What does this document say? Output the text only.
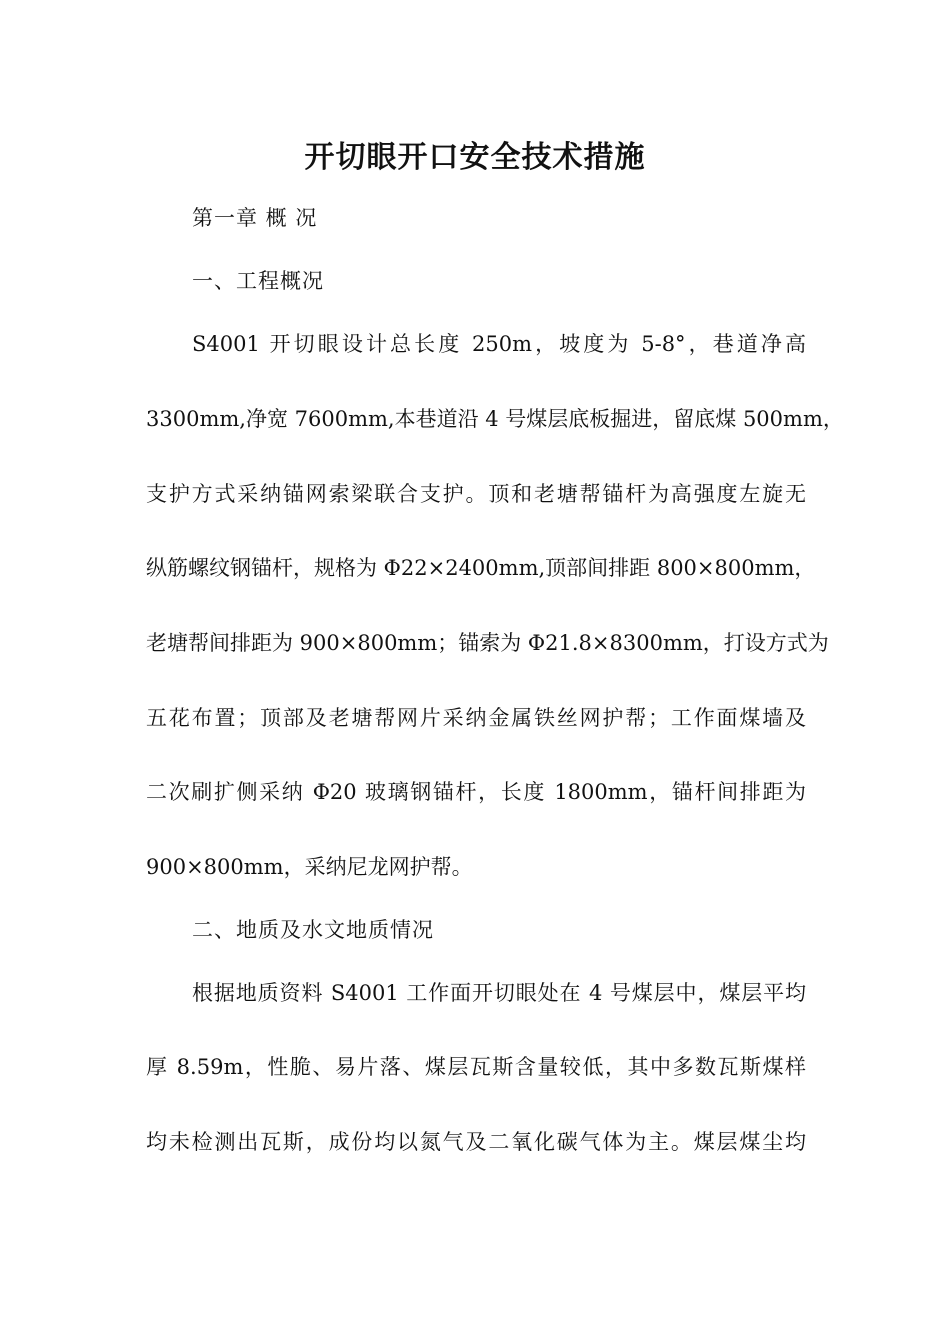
开切眼开口安全技术措施
第一章 概 况
一、工程概况
S4001 开切眼设计总长度 250m，坡度为 5-8°，巷道净高
3300mm,净宽 7600mm,本巷道沿 4 号煤层底板掘进，留底煤 500mm，
支护方式采纳锚网索梁联合支护。顶和老塘帮锚杆为高强度左旋无
纵筋螺纹钢锚杆，规格为 Φ22×2400mm,顶部间排距 800×800mm，
老塘帮间排距为 900×800mm；锚索为 Φ21.8×8300mm，打设方式为
五花布置；顶部及老塘帮网片采纳金属铁丝网护帮；工作面煤墙及
二次刷扩侧采纳 Φ20 玻璃钢锚杆，长度 1800mm，锚杆间排距为
900×800mm，采纳尼龙网护帮。
二、地质及水文地质情况
根据地质资料 S4001 工作面开切眼处在 4 号煤层中，煤层平均
厚 8.59m，性脆、易片落、煤层瓦斯含量较低，其中多数瓦斯煤样
均未检测出瓦斯，成份均以氮气及二氧化碳气体为主。煤层煤尘均
